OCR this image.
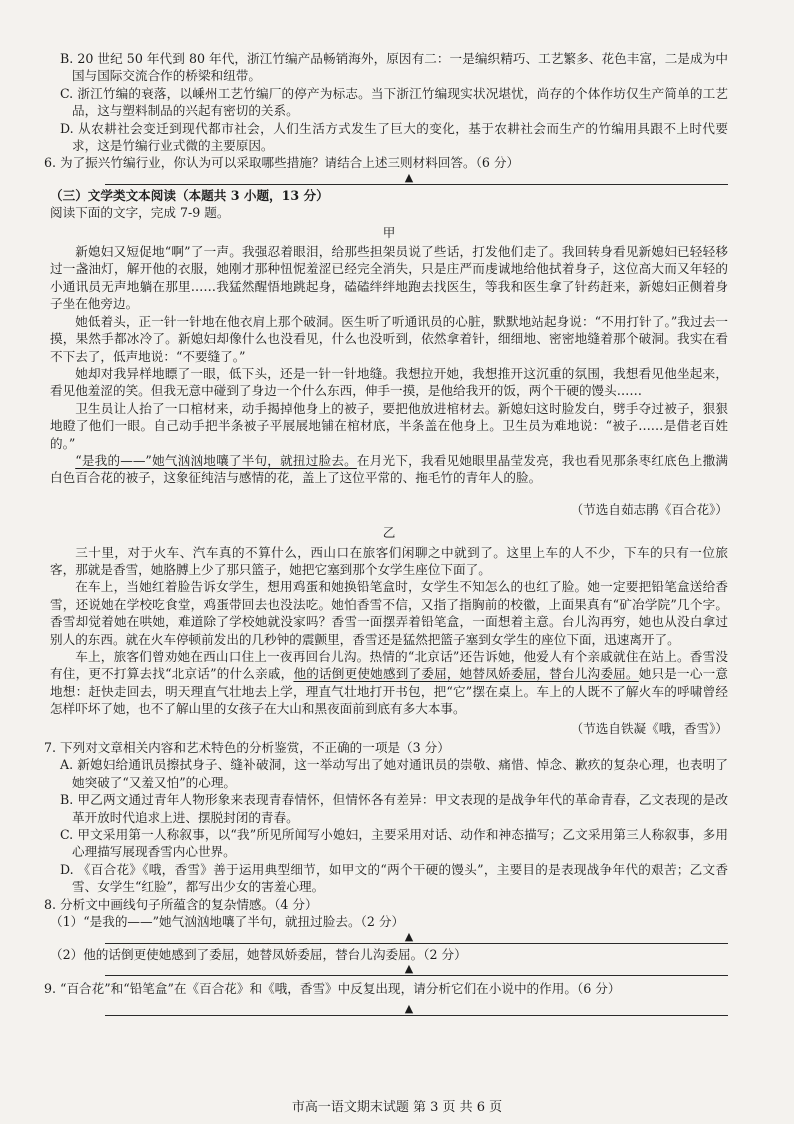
B. 20 世纪 50 年代到 80 年代，浙江竹编产品畅销海外，原因有二：一是编织精巧、工艺繁多、花色丰富，二是成为中国与国际交流合作的桥梁和纽带。

C. 浙江竹编的衰落，以嵊州工艺竹编厂的停产为标志。当下浙江竹编现实状况堪忧，尚存的个体作坊仅生产简单的工艺品，这与塑料制品的兴起有密切的关系。

D. 从农耕社会变迁到现代都市社会，人们生活方式发生了巨大的变化，基于农耕社会而生产的竹编用具跟不上时代要求，这是竹编行业式微的主要原因。

6. 为了振兴竹编行业，你认为可以采取哪些措施？请结合上述三则材料回答。（6 分）

▲

（三）文学类文本阅读（本题共 3 小题，13 分）

阅读下面的文字，完成 7-9 题。

甲

新媳妇又短促地“啊”了一声。我强忍着眼泪，给那些担架员说了些话，打发他们走了。我回转身看见新媳妇已轻轻移过一盏油灯，解开他的衣服，她刚才那种忸怩羞涩已经完全消失，只是庄严而虔诚地给他拭着身子，这位高大而又年轻的小通讯员无声地躺在那里……我猛然醒悟地跳起身，磕磕绊绊地跑去找医生，等我和医生拿了针药赶来，新媳妇正侧着身子坐在他旁边。

她低着头，正一针一针地在他衣肩上那个破洞。医生听了听通讯员的心脏，默默地站起身说：“不用打针了。”我过去一摸，果然手都冰冷了。新媳妇却像什么也没看见，什么也没听到，依然拿着针，细细地、密密地缝着那个破洞。我实在看不下去了，低声地说：“不要缝了。”

她却对我异样地瞟了一眼，低下头，还是一针一针地缝。我想拉开她，我想推开这沉重的氛围，我想看见他坐起来，看见他羞涩的笑。但我无意中碰到了身边一个什么东西，伸手一摸，是他给我开的饭，两个干硬的馒头……

卫生员让人抬了一口棺材来，动手揭掉他身上的被子，要把他放进棺材去。新媳妇这时脸发白，劈手夺过被子，狠狠地瞪了他们一眼。自己动手把半条被子平展展地铺在棺材底，半条盖在他身上。卫生员为难地说：“被子……是借老百姓的。”

“是我的——”她气汹汹地嚷了半句，就扭过脸去。在月光下，我看见她眼里晶莹发亮，我也看见那条枣红底色上撒满白色百合花的被子，这象征纯洁与感情的花，盖上了这位平常的、拖毛竹的青年人的脸。

（节选自茹志鹃《百合花》）

乙

三十里，对于火车、汽车真的不算什么，西山口在旅客们闲聊之中就到了。这里上车的人不少，下车的只有一位旅客，那就是香雪，她胳膊上少了那只篮子，她把它塞到那个女学生座位下面了。

在车上，当她红着脸告诉女学生，想用鸡蛋和她换铅笔盒时，女学生不知怎么的也红了脸。她一定要把铅笔盒送给香雪，还说她在学校吃食堂，鸡蛋带回去也没法吃。她怕香雪不信，又指了指胸前的校徽，上面果真有“矿冶学院”几个字。香雪却觉着她在哄她，难道除了学校她就没家吗？香雪一面摆弄着铅笔盒，一面想着主意。台儿沟再穷，她也从没白拿过别人的东西。就在火车停顿前发出的几秒钟的震颤里，香雪还是猛然把篮子塞到女学生的座位下面，迅速离开了。

车上，旅客们曾劝她在西山口住上一夜再回台儿沟。热情的“北京话”还告诉她，他爱人有个亲戚就住在站上。香雪没有住，更不打算去找“北京话”的什么亲戚，他的话倒更使她感到了委屈，她替凤娇委屈，替台儿沟委屈。她只是一心一意地想：赶快走回去，明天理直气壮地去上学，理直气壮地打开书包，把“它”摆在桌上。车上的人既不了解火车的呼啸曾经怎样吓坏了她，也不了解山里的女孩子在大山和黑夜面前到底有多大本事。

（节选自铁凝《哦，香雪》）

7. 下列对文章相关内容和艺术特色的分析鉴赏，不正确的一项是（3 分）

A. 新媳妇给通讯员擦拭身子、缝补破洞，这一举动写出了她对通讯员的崇敬、痛惜、悼念、歉疚的复杂心理，也表明了她突破了“又羞又怕”的心理。

B. 甲乙两文通过青年人物形象来表现青春情怀，但情怀各有差异：甲文表现的是战争年代的革命青春，乙文表现的是改革开放时代追求上进、摆脱封闭的青春。

C. 甲文采用第一人称叙事，以“我”所见所闻写小媳妇，主要采用对话、动作和神态描写；乙文采用第三人称叙事，多用心理描写展现香雪内心世界。

D. 《百合花》《哦，香雪》善于运用典型细节，如甲文的“两个干硬的馒头”，主要目的是表现战争年代的艰苦；乙文香雪、女学生“红脸”，都写出少女的害羞心理。

8. 分析文中画线句子所蕴含的复杂情感。（4 分）

（1）“是我的——”她气汹汹地嚷了半句，就扭过脸去。（2 分）

▲

（2）他的话倒更使她感到了委屈，她替凤娇委屈，替台儿沟委屈。（2 分）

▲

9. “百合花”和“铅笔盒”在《百合花》和《哦，香雪》中反复出现，请分析它们在小说中的作用。（6 分）

▲
市高一语文期末试题 第 3 页 共 6 页
